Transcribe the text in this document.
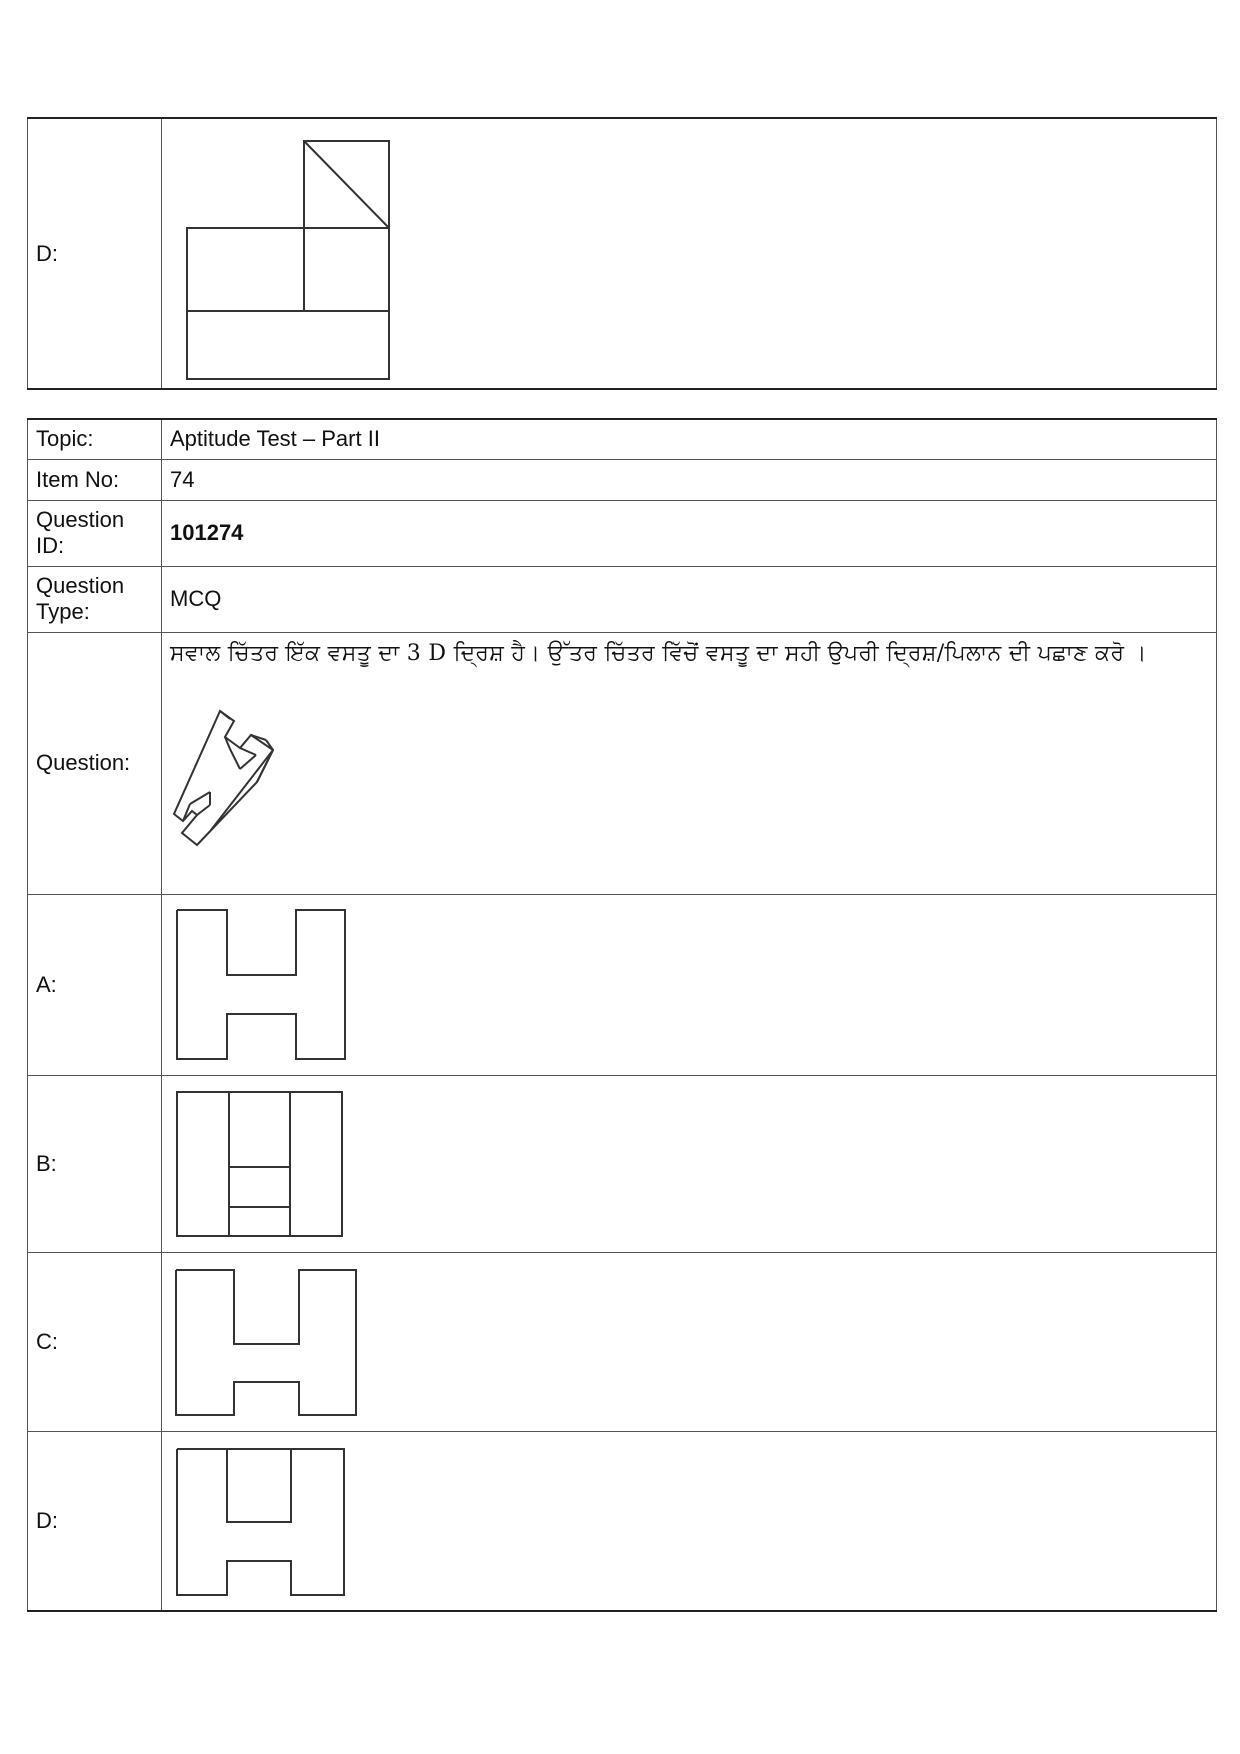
D:	
Topic:	Aptitude Test – Part II
Item No:	74
Question ID:	101274
Question Type:	MCQ
Question:	ਸਵਾਲ ਚਿੱਤਰ ਇੱਕ ਵਸਤੂ ਦਾ 3 D ਦ੍ਰਿਸ਼ ਹੈ। ਉੱਤਰ ਚਿੱਤਰ ਵਿੱਚੋਂ ਵਸਤੂ ਦਾ ਸਹੀ ਉਪਰੀ ਦ੍ਰਿਸ਼/ਪਿਲਾਨ ਦੀ ਪਛਾਣ ਕਰੋ ।

A:	

B:	

C:	

D:	
